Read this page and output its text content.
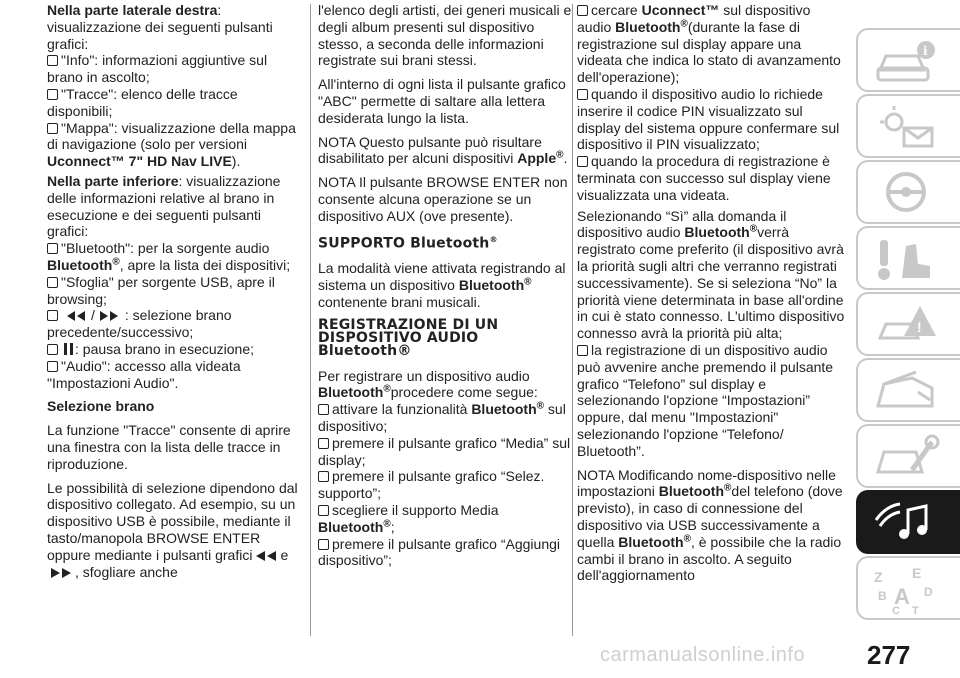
Nella parte laterale destra: visualizzazione dei seguenti pulsanti grafici:
"Info": informazioni aggiuntive sul brano in ascolto;
"Tracce": elenco delle tracce disponibili;
"Mappa": visualizzazione della mappa di navigazione (solo per versioni Uconnect™ 7" HD Nav LIVE).
Nella parte inferiore: visualizzazione delle informazioni relative al brano in esecuzione e dei seguenti pulsanti grafici:
"Bluetooth": per la sorgente audio Bluetooth®, apre la lista dei dispositivi;
"Sfoglia" per sorgente USB, apre il browsing;
/ : selezione brano precedente/successivo;
: pausa brano in esecuzione;
"Audio": accesso alla videata "Impostazioni Audio".
Selezione brano
La funzione "Tracce" consente di aprire una finestra con la lista delle tracce in riproduzione.
Le possibilità di selezione dipendono dal dispositivo collegato. Ad esempio, su un dispositivo USB è possibile, mediante il tasto/manopola BROWSE ENTER oppure mediante i pulsanti grafici e, sfogliare anche
l'elenco degli artisti, dei generi musicali e degli album presenti sul dispositivo stesso, a seconda delle informazioni registrate sui brani stessi.
All'interno di ogni lista il pulsante grafico "ABC" permette di saltare alla lettera desiderata lungo la lista.
NOTA Questo pulsante può risultare disabilitato per alcuni dispositivi Apple®.
NOTA Il pulsante BROWSE ENTER non consente alcuna operazione se un dispositivo AUX (ove presente).
SUPPORTO Bluetooth®
La modalità viene attivata registrando al sistema un dispositivo Bluetooth® contenente brani musicali.
REGISTRAZIONE DI UN
DISPOSITIVO AUDIO
Bluetooth®
Per registrare un dispositivo audio Bluetooth®procedere come segue:
attivare la funzionalità Bluetooth® sul dispositivo;
premere il pulsante grafico “Media” sul display;
premere il pulsante grafico “Selez. supporto”;
scegliere il supporto Media Bluetooth®;
premere il pulsante grafico “Aggiungi dispositivo”;
cercare Uconnect™ sul dispositivo audio Bluetooth®(durante la fase di registrazione sul display appare una videata che indica lo stato di avanzamento dell'operazione);
quando il dispositivo audio lo richiede inserire il codice PIN visualizzato sul display del sistema oppure confermare sul dispositivo il PIN visualizzato;
quando la procedura di registrazione è terminata con successo sul display viene visualizzata una videata.
Selezionando “Sì” alla domanda il dispositivo audio Bluetooth®verrà registrato come preferito (il dispositivo avrà la priorità sugli altri che verranno registrati successivamente). Se si seleziona “No” la priorità viene determinata in base all'ordine in cui è stato connesso. L'ultimo dispositivo connesso avrà la priorità più alta;
la registrazione di un dispositivo audio può avvenire anche premendo il pulsante grafico “Telefono” sul display e selezionando l'opzione “Impostazioni” oppure, dal menu "Impostazioni" selezionando l'opzione “Telefono/ Bluetooth”.
NOTA Modificando nome-dispositivo nelle impostazioni Bluetooth®del telefono (dove previsto), in caso di connessione del dispositivo via USB successivamente a quella Bluetooth®, è possibile che la radio cambi il brano in ascolto. A seguito dell'aggiornamento
i
!
Z E
B A D
C T
carmanualsonline.info 277
